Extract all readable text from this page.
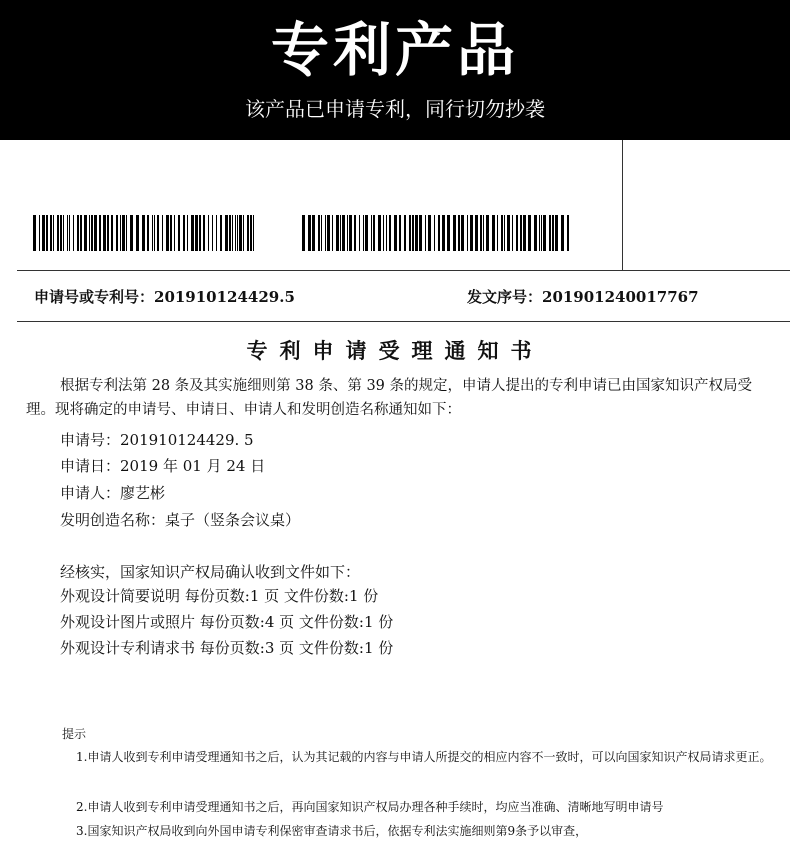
专利产品
该产品已申请专利，同行切勿抄袭
申请号或专利号：201910124429.5	发文序号：201901240017767
专利申请受理通知书

根据专利法第 28 条及其实施细则第 38 条、第 39 条的规定，申请人提出的专利申请已由国家知识产权局受理。现将确定的申请号、申请日、申请人和发明创造名称通知如下：

申请号：201910124429. 5
申请日：2019 年 01 月 24 日
申请人：廖艺彬
发明创造名称：桌子（竖条会议桌）
经核实，国家知识产权局确认收到文件如下：
外观设计简要说明 每份页数:1 页 文件份数:1 份
外观设计图片或照片 每份页数:4 页 文件份数:1 份
外观设计专利请求书 每份页数:3 页 文件份数:1 份
提示

1.申请人收到专利申请受理通知书之后，认为其记载的内容与申请人所提交的相应内容不一致时，可以向国家知识产权局请求更正。

2.申请人收到专利申请受理通知书之后，再向国家知识产权局办理各种手续时，均应当准确、清晰地写明申请号

3.国家知识产权局收到向外国申请专利保密审查请求书后，依据专利法实施细则第9条予以审查，
